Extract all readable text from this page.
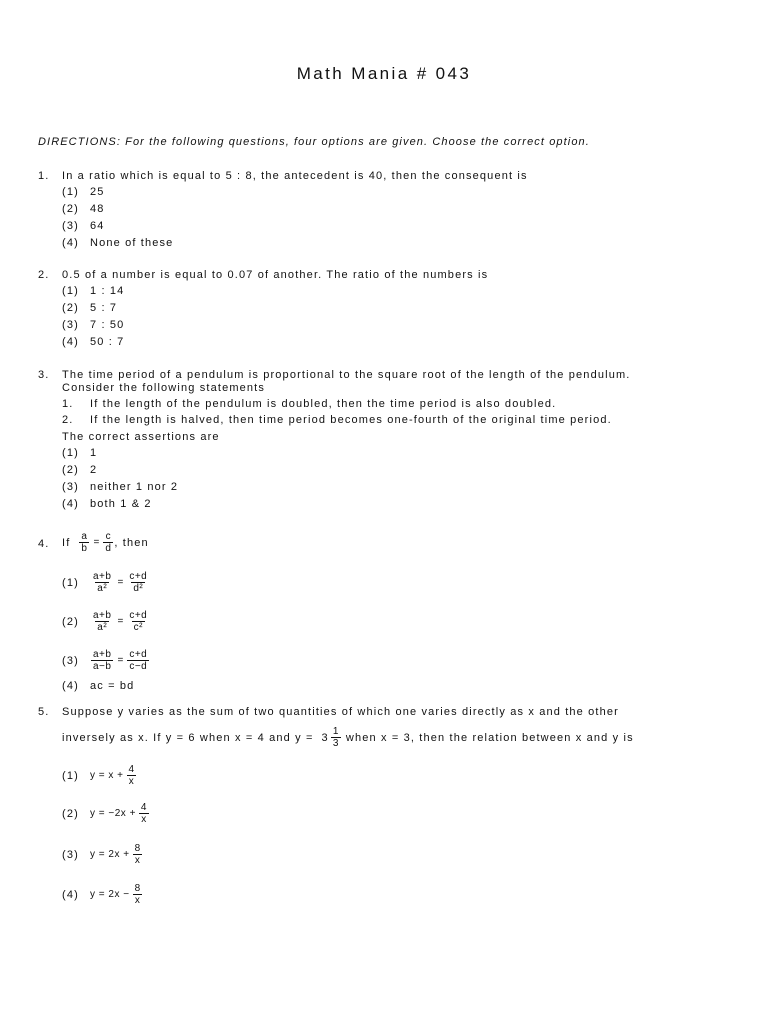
Math Mania # 043
DIRECTIONS: For the following questions, four options are given. Choose the correct option.
1. In a ratio which is equal to 5 : 8, the antecedent is 40, then the consequent is
(1) 25
(2) 48
(3) 64
(4) None of these
2. 0.5 of a number is equal to 0.07 of another. The ratio of the numbers is
(1) 1 : 14
(2) 5 : 7
(3) 7 : 50
(4) 50 : 7
3. The time period of a pendulum is proportional to the square root of the length of the pendulum.
Consider the following statements
1. If the length of the pendulum is doubled, then the time period is also doubled.
2. If the length is halved, then time period becomes one-fourth of the original time period.
The correct assertions are
(1) 1
(2) 2
(3) neither 1 nor 2
(4) both 1 & 2
4. If $\frac{a}{b} = \frac{c}{d}$ , then
(1)	$\frac{a+b}{\text{a²}} = \frac{c+d}{\text{d²}}$
(2)	$\frac{a+b}{\text{a²}} = \frac{c+d}{\text{c²}}$
(3)	$\frac{a+b}{a-b} = \frac{c+d}{c-d}$
(4) ac = bd
5. Suppose y varies as the sum of two quantities of which one varies directly as x and the other
inversely as x. If y = 6 when x = 4 and $y = 3 \frac{1}{3}$ when x = 3, then the relation between x and y is
(1)	$y = x + \frac{4}{x}$
(2)	$y = -2x + \frac{4}{x}$
(3)	$y = 2x + \frac{8}{x}$
(4)	$y = 2x - \frac{8}{x}$
